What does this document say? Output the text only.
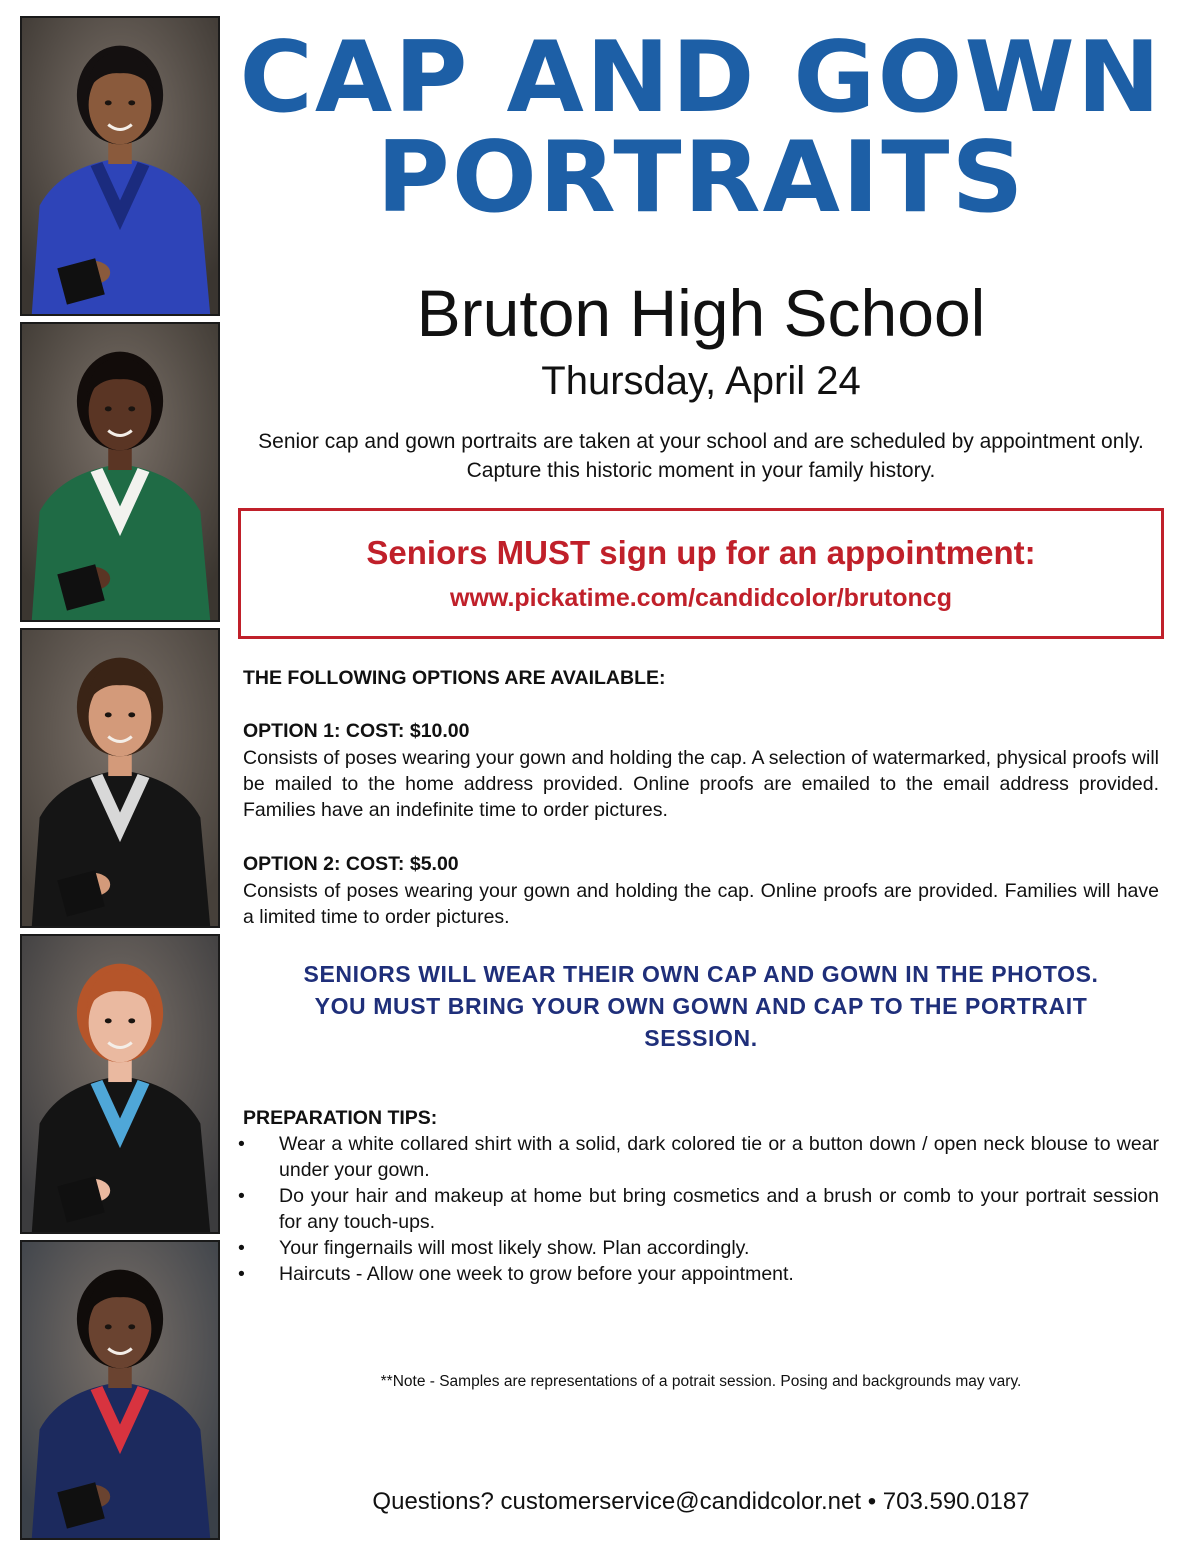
CAP AND GOWN
PORTRAITS
Bruton High School
Thursday, April 24
Senior cap and gown portraits are taken at your school and are scheduled by appointment only. Capture this historic moment in your family history.
Seniors MUST sign up for an appointment:
www.pickatime.com/candidcolor/brutoncg
THE FOLLOWING OPTIONS ARE AVAILABLE:
OPTION 1: COST: $10.00
Consists of poses wearing your gown and holding the cap. A selection of watermarked, physical proofs will be mailed to the home address provided. Online proofs are emailed to the email address provided. Families have an indefinite time to order pictures.
OPTION 2: COST: $5.00
Consists of poses wearing your gown and holding the cap. Online proofs are provided. Families will have a limited time to order pictures.
SENIORS WILL WEAR THEIR OWN CAP AND GOWN IN THE PHOTOS.
YOU MUST BRING YOUR OWN GOWN AND CAP TO THE PORTRAIT
SESSION.
PREPARATION TIPS:
• Wear a white collared shirt with a solid, dark colored tie or a button down / open neck blouse to wear under your gown.
• Do your hair and makeup at home but bring cosmetics and a brush or comb to your portrait session for any touch-ups.
• Your fingernails will most likely show. Plan accordingly.
• Haircuts - Allow one week to grow before your appointment.
**Note - Samples are representations of a potrait session. Posing and backgrounds may vary.
Questions? customerservice@candidcolor.net • 703.590.0187
